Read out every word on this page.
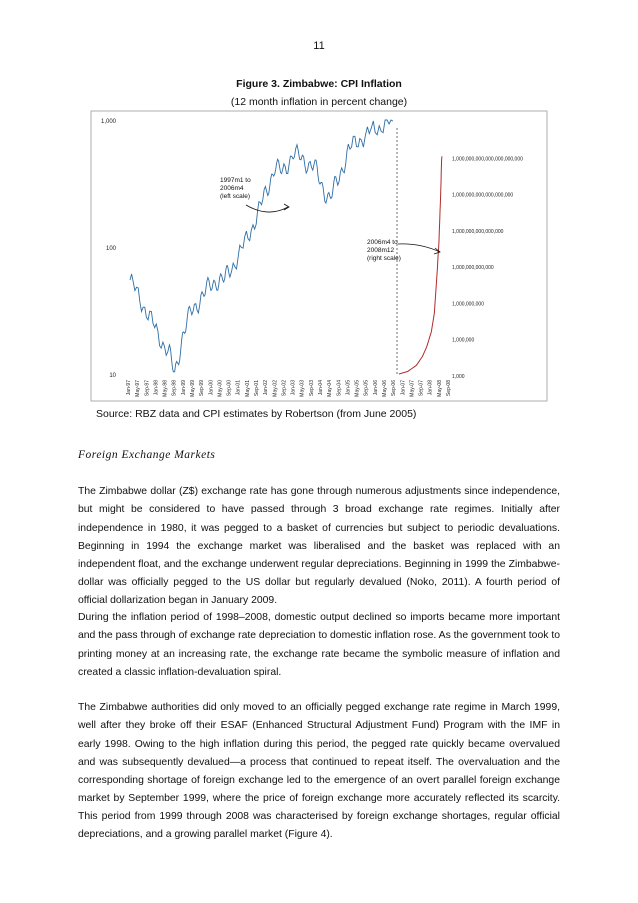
11
Figure 3. Zimbabwe: CPI Inflation
(12 month inflation in percent change)
1,000
100
10
1,000,000,000,000,000,000,000
1,000,000,000,000,000,000
1,000,000,000,000,000
1,000,000,000,000
1,000,000,000
1,000,000
1,000
Jan-97 May-97 Sep-97 Jan-98 May-98 Sep-98 Jan-99 May-99 Sep-99 Jan-00 May-00 Sep-00 Jan-01 May-01 Sep-01 Jan-02 May-02 Sep-02 Jan-03 May-03 Sep-03 Jan-04 May-04 Sep-04 Jan-05 May-05 Sep-05 Jan-06 May-06 Sep-06 Jan-07 May-07 Sep-07 Jan-08 May-08 Sep-08
1997m1 to
2006m4
(left scale)
2006m4 to
2008m12
(right scale)
Source: RBZ data and CPI estimates by Robertson (from June 2005)
Foreign Exchange Markets

The Zimbabwe dollar (Z$) exchange rate has gone through numerous adjustments since independence, but might be considered to have passed through 3 broad exchange rate regimes. Initially after independence in 1980, it was pegged to a basket of currencies but subject to periodic devaluations. Beginning in 1994 the exchange market was liberalised and the basket was replaced with an independent float, and the exchange underwent regular depreciations. Beginning in 1999 the Zimbabwe-dollar was officially pegged to the US dollar but regularly devalued (Noko, 2011). A fourth period of official dollarization began in January 2009.

During the inflation period of 1998–2008, domestic output declined so imports became more important and the pass through of exchange rate depreciation to domestic inflation rose. As the government took to printing money at an increasing rate, the exchange rate became the symbolic measure of inflation and created a classic inflation-devaluation spiral.

The Zimbabwe authorities did only moved to an officially pegged exchange rate regime in March 1999, well after they broke off their ESAF (Enhanced Structural Adjustment Fund) Program with the IMF in early 1998. Owing to the high inflation during this period, the pegged rate quickly became overvalued and was subsequently devalued—a process that continued to repeat itself. The overvaluation and the corresponding shortage of foreign exchange led to the emergence of an overt parallel foreign exchange market by September 1999, where the price of foreign exchange more accurately reflected its scarcity. This period from 1999 through 2008 was characterised by foreign exchange shortages, regular official depreciations, and a growing parallel market (Figure 4).
